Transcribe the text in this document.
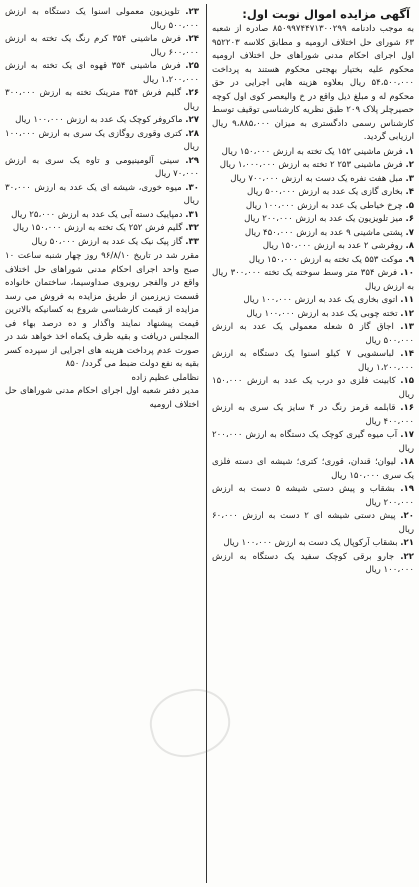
آگهی مزایده اموال نوبت اول:
به موجب دادنامه ۸۵۰۹۹۷۴۴۷۱۳۰۰۲۹۹ صادره از شعبه ۶۳ شورای حل اختلاف ارومیه و مطابق کلاسه ۹۵۲۲۰۳ اول اجرای احکام مدنی شوراهای حل اختلاف ارومیه محکوم علیه بختیار بهجتی محکوم هستند به پرداخت ۵۴،۵۰۰،۰۰۰ ریال بعلاوه هزینه هایی اجرایی در حق محکوم له و مبلغ ذیل واقع در خ والیعصر کوی اول کوچه حصیرچلر پلاک ۲۰۹ طبق نظریه کارشناسی توقیف توسط کارشناس رسمی دادگستری به میزان ۹،۸۸۵،۰۰۰ ریال ارزیابی گردید.
۱. فرش ماشینی ۱۵۲ یک تخته به ارزش ۱۵۰،۰۰۰ ریال
۲. فرش ماشینی ۲۵۳ ۲ تخته به ارزش ۱،۰۰۰،۰۰۰ ریال
۳. مبل هفت نفره یک دست به ارزش ۷۰۰،۰۰۰ ریال
۴. بخاری گازی یک عدد به ارزش ۵۰۰،۰۰۰ ریال
۵. چرخ خیاطی یک عدد به ارزش ۱۰۰،۰۰۰ ریال
۶. میز تلویزیون یک عدد به ارزش ۲۰۰،۰۰۰ ریال
۷. پشتی ماشینی ۹ عدد به ارزش ۴۵۰،۰۰۰ ریال
۸. روفرشی ۲ عدد به ارزش ۱۵۰،۰۰۰ ریال
۹. موکت ۵۵۳ یک تخته به ارزش ۱۵۰،۰۰۰ ریال
۱۰. فرش ۳۵۴ متر وسط سوخته یک تخته ۳۰۰،۰۰۰ ریال به ارزش ریال
۱۱. اتوی بخاری یک عدد به ارزش ۱۰۰،۰۰۰ ریال
۱۲. تخته چوبی یک عدد به ارزش ۱۰۰،۰۰۰ ریال
۱۳. اجاق گاز ۵ شعله معمولی یک عدد به ارزش ۵۰۰،۰۰۰ ریال
۱۴. لباسشویی ۷ کیلو اسنوا یک دستگاه به ارزش ۱،۲۰۰،۰۰۰ ریال
۱۵. کابینت فلزی دو درب یک عدد به ارزش ۱۵۰،۰۰۰ ریال
۱۶. قابلمه قرمز رنگ در ۴ سایز یک سری به ارزش ۴۰۰،۰۰۰ ریال
۱۷. آب میوه گیری کوچک یک دستگاه به ارزش ۲۰۰،۰۰۰ ریال
۱۸. لیوان؛ قندان، قوری؛ کتری؛ شیشه ای دسته فلزی یک سری ۱۵۰،۰۰۰ ریال
۱۹. بشقاب و پیش دستی شیشه ۵ دست به ارزش ۲۰۰،۰۰۰ ریال
۲۰. پیش دستی شیشه ای ۲ دست به ارزش ۶۰،۰۰۰ ریال
۲۱. بشقاب آرکوپال یک دست به ارزش ۱۰۰،۰۰۰ ریال
۲۲. جارو برقی کوچک سفید یک دستگاه به ارزش ۱۰۰،۰۰۰ ریال
۲۳. تلویزیون معمولی اسنوا یک دستگاه به ارزش ۵۰۰،۰۰۰ ریال
۲۴. فرش ماشینی ۳۵۴ کرم رنگ یک تخته به ارزش ۶۰۰،۰۰۰ ریال
۲۵. فرش ماشینی ۳۵۴ قهوه ای یک تخته به ارزش ۱،۲۰۰،۰۰۰ ریال
۲۶. گلیم فرش ۳۵۴ مترینک تخته به ارزش ۳۰۰،۰۰۰ ریال
۲۷. ماکروفر کوچک یک عدد به ارزش ۱۰۰،۰۰۰ ریال
۲۸. کتری وقوری روگازی یک سری به ارزش ۱۰۰،۰۰۰ ریال
۲۹. سینی آلومینیومی و تاوه یک سری به ارزش ۷۰،۰۰۰ ریال
۳۰. میوه خوری، شیشه ای یک عدد به ارزش ۳۰،۰۰۰ ریال
۳۱. دمپاییک دسته آبی یک عدد به ارزش ۲۵،۰۰۰ ریال
۳۲. گلیم فرش ۲۵۲ یک تخته به ارزش ۱۵۰،۰۰۰ ریال
۳۳. گاز پیک نیک یک عدد به ارزش ۵۰،۰۰۰ ریال
مقرر شد در تاریخ ۹۶/۸/۱۰ روز چهار شنبه ساعت ۱۰ صبح واحد اجرای احکام مدنی شوراهای حل اختلاف واقع در والفجر روبروی صداوسیما، ساختمان خانواده قسمت زیرزمین از طریق مزایده به فروش می رسد مزایده از قیمت کارشناسی شروع به کسانیکه بالاترین قیمت پیشنهاد نمایند واگذار و ده درصد بهاء فی المجلس دریافت و بقیه ظرف یکماه اخذ خواهد شد در صورت عدم پرداخت هزینه های اجرایی از سپرده کسر بقیه به نفع دولت ضبط می گردد/ ۸۵۰
نظاملی عظیم زاده
مدیر دفتر شعبه اول اجرای احکام مدنی شوراهای حل اختلاف ارومیه
